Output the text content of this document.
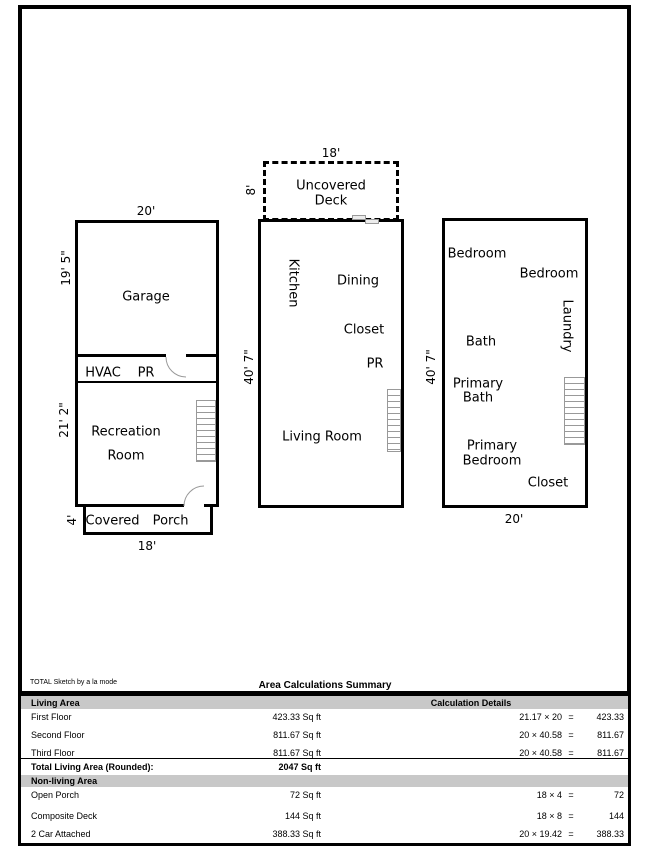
20'
19' 5"
Garage
HVAC PR
21' 2" Recreation
Room
4' Covered Porch
18'
18'
8'	Uncovered
Deck
Kitchen	Dining
Closet
PR
40' 7"
Living Room
Bedroom
Bedroom
Laundry
Bath
40' 7" Primary
Bath
Primary
Bedroom
Closet
20'
TOTAL Sketch by a la mode	Area Calculations Summary
Living Area	Calculation Details
First Floor	423.33 Sq ft	21.17 × 20 =	423.33
Second Floor	811.67 Sq ft	20 × 40.58 =	811.67
Third Floor	811.67 Sq ft	20 × 40.58 =	811.67
Total Living Area (Rounded):	2047 Sq ft
Non-living Area
Open Porch	72 Sq ft	18 × 4 =	72
Composite Deck	144 Sq ft	18 × 8 =	144
2 Car Attached	388.33 Sq ft	20 × 19.42 =	388.33
